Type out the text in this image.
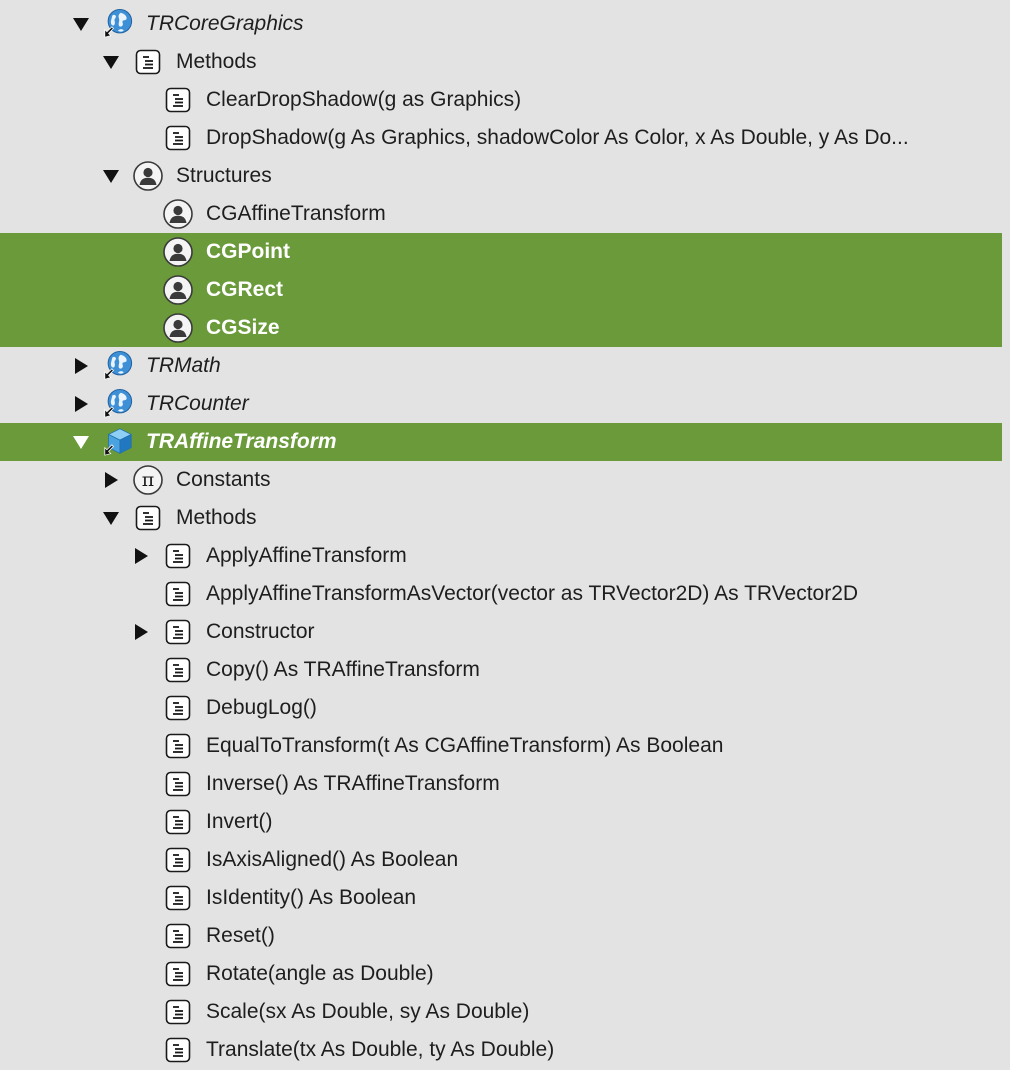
TRCoreGraphics
Methods
ClearDropShadow(g as Graphics)
DropShadow(g As Graphics, shadowColor As Color, x As Double, y As Do...
Structures
CGAffineTransform
CGPoint
CGRect
CGSize
TRMath
TRCounter
TRAffineTransform
π Constants
Methods
ApplyAffineTransform
ApplyAffineTransformAsVector(vector as TRVector2D) As TRVector2D
Constructor
Copy() As TRAffineTransform
DebugLog()
EqualToTransform(t As CGAffineTransform) As Boolean
Inverse() As TRAffineTransform
Invert()
IsAxisAligned() As Boolean
IsIdentity() As Boolean
Reset()
Rotate(angle as Double)
Scale(sx As Double, sy As Double)
Translate(tx As Double, ty As Double)
